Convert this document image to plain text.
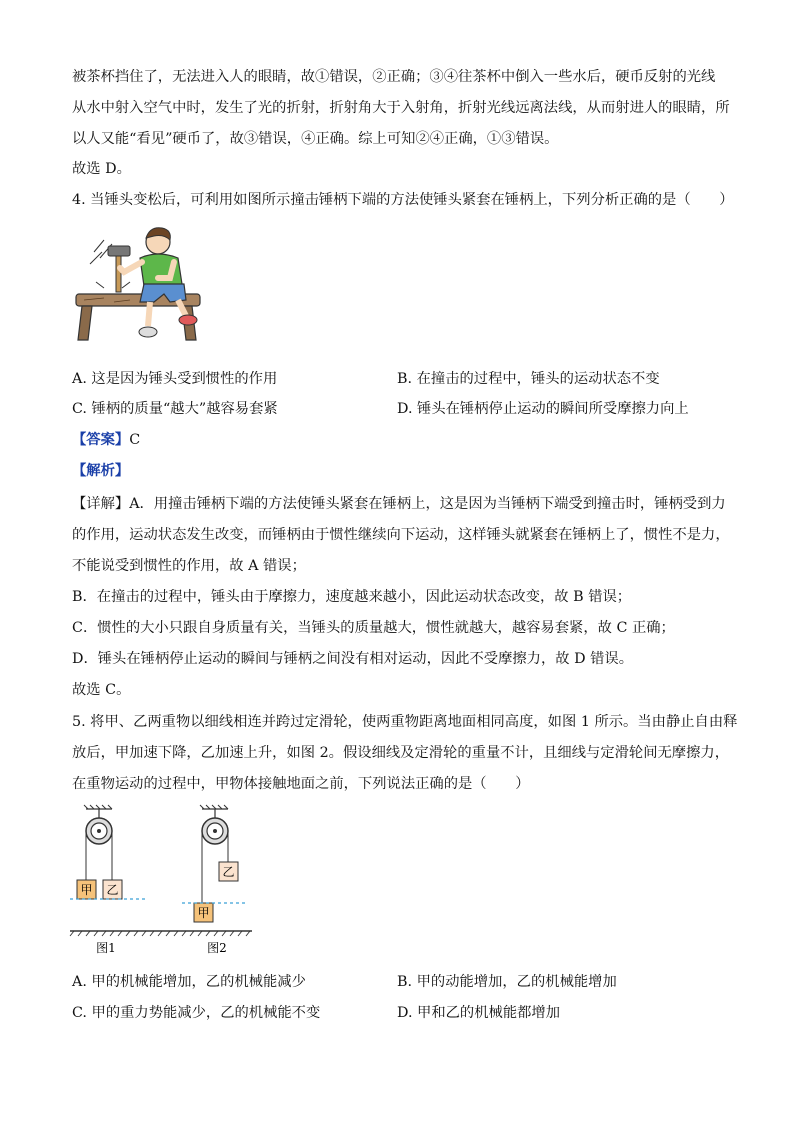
被茶杯挡住了，无法进入人的眼睛，故①错误，②正确；③④往茶杯中倒入一些水后，硬币反射的光线
从水中射入空气中时，发生了光的折射，折射角大于入射角，折射光线远离法线，从而射进人的眼睛，所
以人又能“看见”硬币了，故③错误，④正确。综上可知②④正确，①③错误。
故选 D。
4. 当锤头变松后，可利用如图所示撞击锤柄下端的方法使锤头紧套在锤柄上，下列分析正确的是（　　）
A. 这是因为锤头受到惯性的作用	B. 在撞击的过程中，锤头的运动状态不变
C. 锤柄的质量“越大”越容易套紧	D. 锤头在锤柄停止运动的瞬间所受摩擦力向上
【答案】C
【解析】
【详解】A．用撞击锤柄下端的方法使锤头紧套在锤柄上，这是因为当锤柄下端受到撞击时，锤柄受到力
的作用，运动状态发生改变，而锤柄由于惯性继续向下运动，这样锤头就紧套在锤柄上了，惯性不是力，
不能说受到惯性的作用，故 A 错误；
B．在撞击的过程中，锤头由于摩擦力，速度越来越小，因此运动状态改变，故 B 错误；
C．惯性的大小只跟自身质量有关，当锤头的质量越大，惯性就越大，越容易套紧，故 C 正确；
D．锤头在锤柄停止运动的瞬间与锤柄之间没有相对运动，因此不受摩擦力，故 D 错误。
故选 C。
5. 将甲、乙两重物以细线相连并跨过定滑轮，使两重物距离地面相同高度，如图 1 所示。当由静止自由释
放后，甲加速下降，乙加速上升，如图 2。假设细线及定滑轮的重量不计，且细线与定滑轮间无摩擦力，
在重物运动的过程中，甲物体接触地面之前，下列说法正确的是（　　）
甲 乙
乙
甲
图1	图2
A. 甲的机械能增加，乙的机械能减少	B. 甲的动能增加，乙的机械能增加
C. 甲的重力势能减少，乙的机械能不变	D. 甲和乙的机械能都增加
